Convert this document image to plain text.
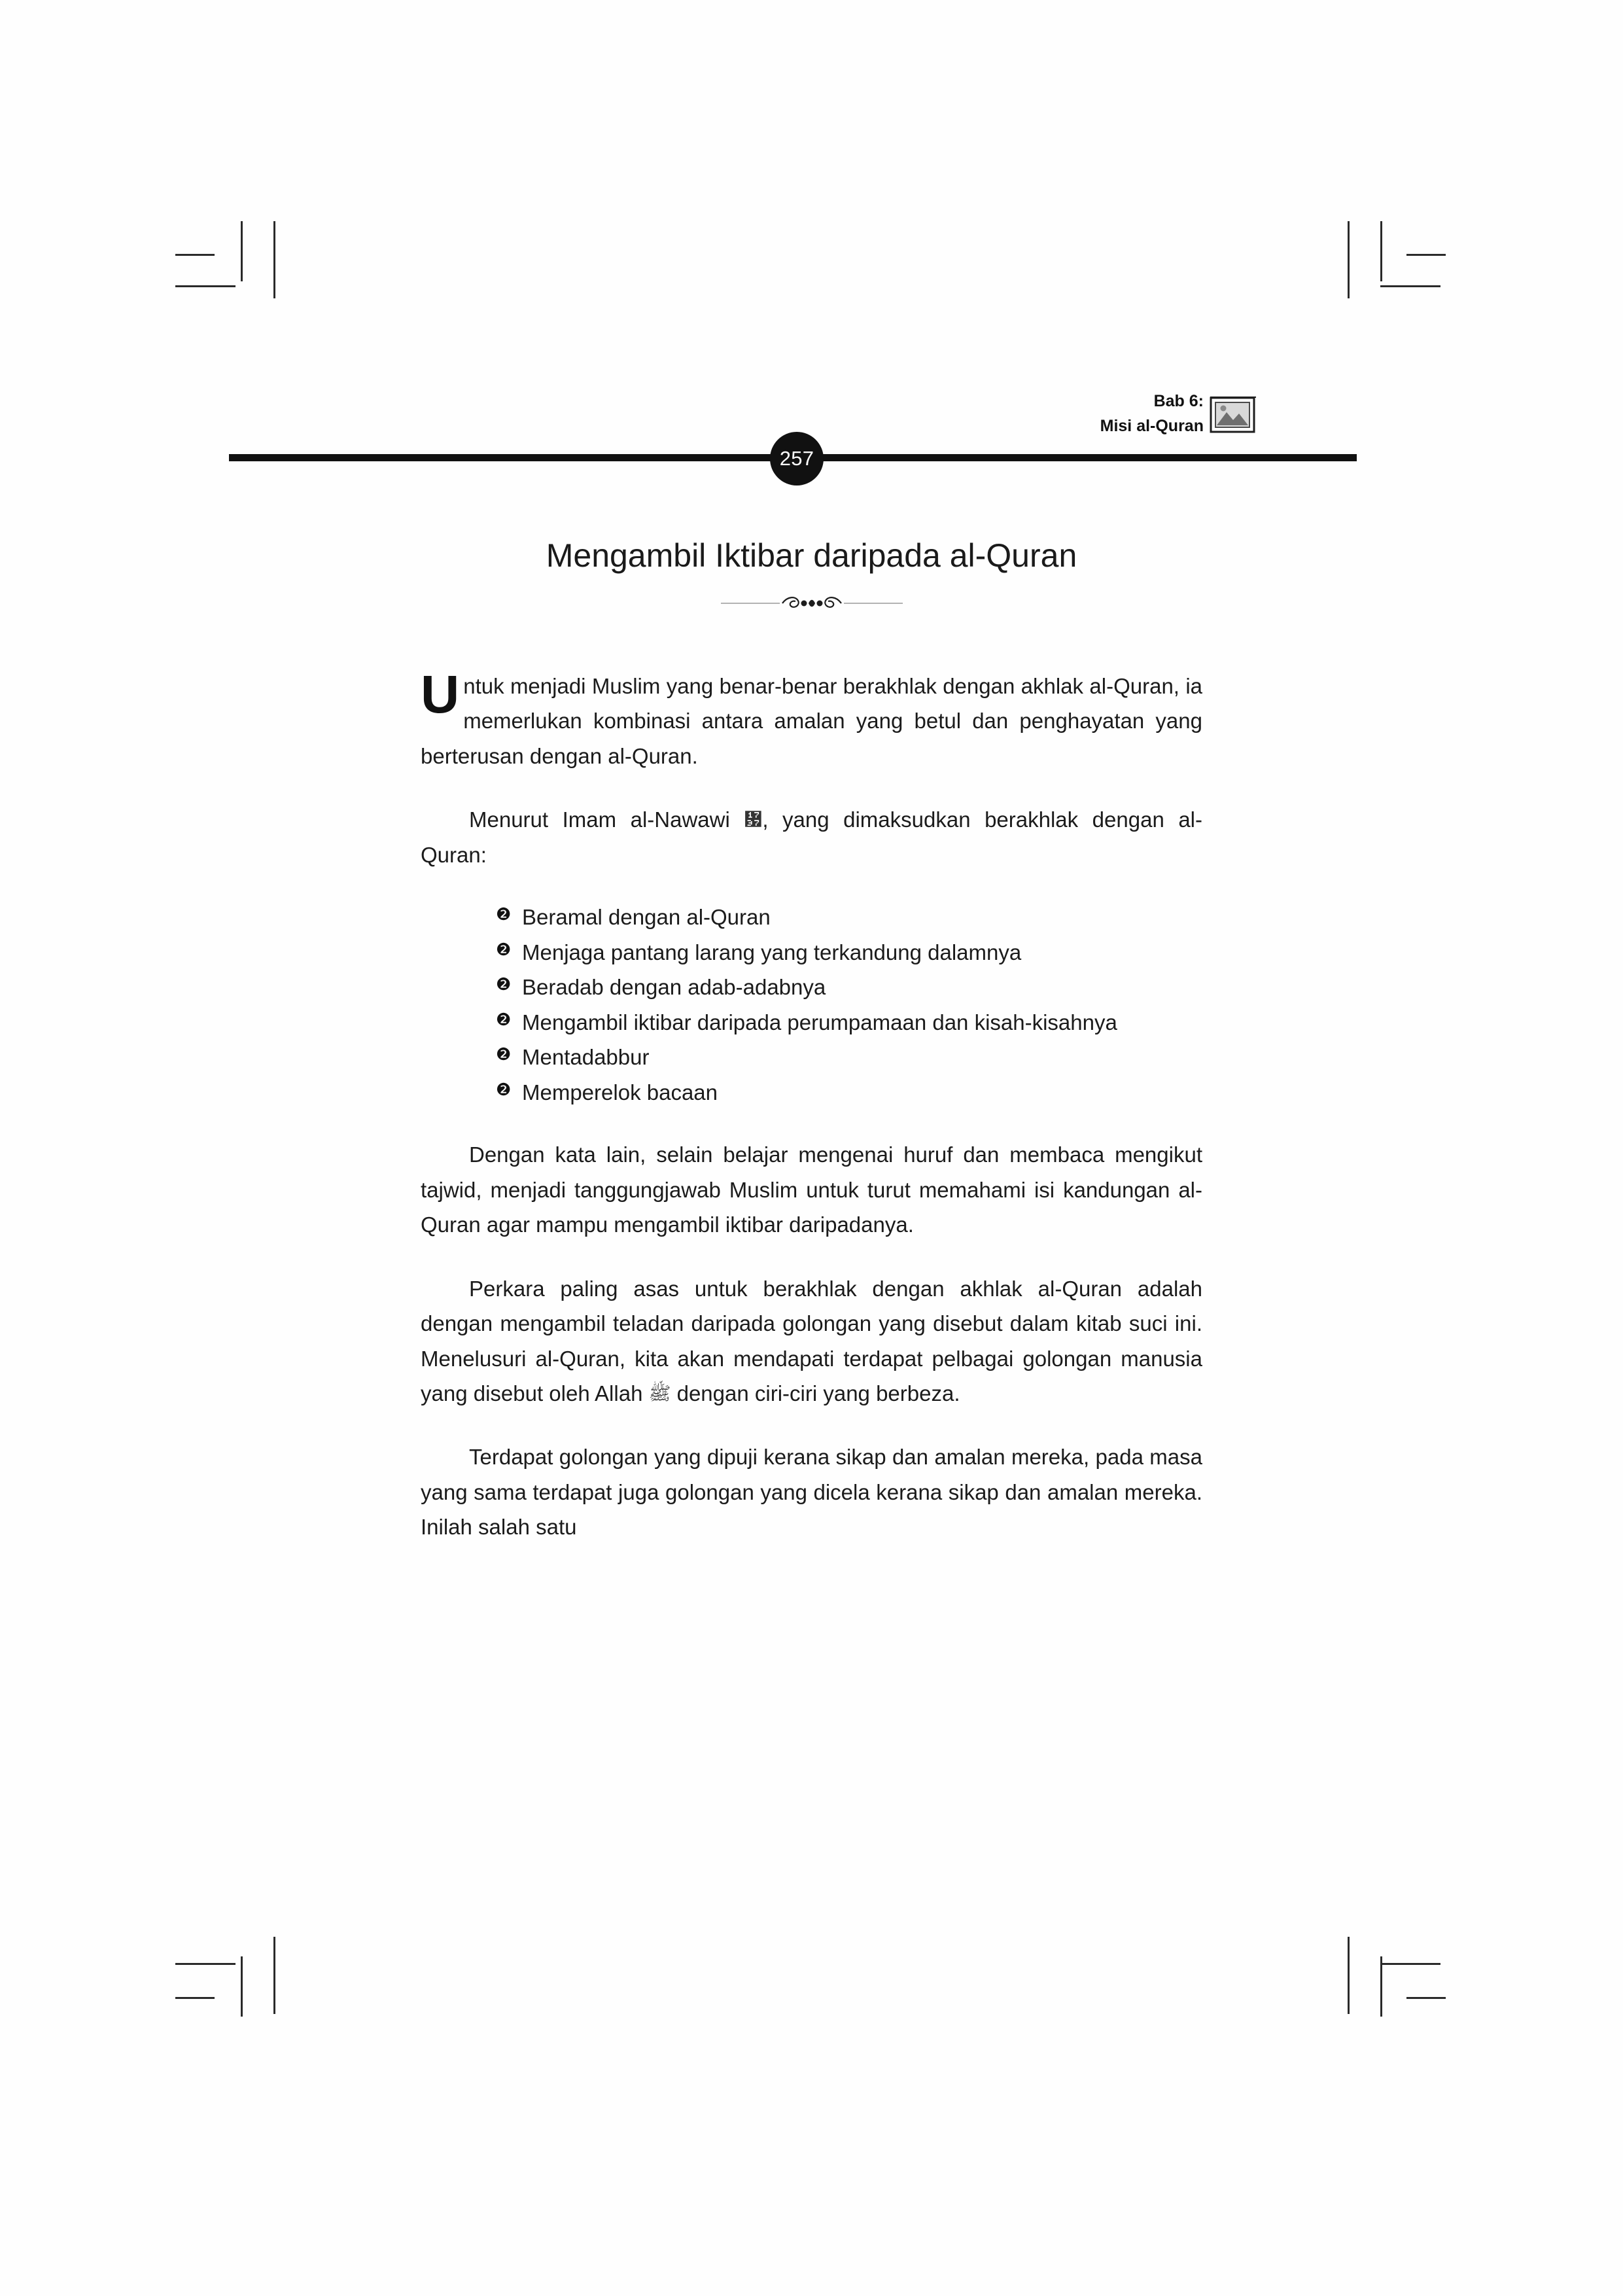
Bab 6:
Misi al-Quran
257
Mengambil Iktibar daripada al-Quran

Untuk menjadi Muslim yang benar-benar berakhlak dengan akhlak al-Quran, ia memerlukan kombinasi antara amalan yang betul dan penghayatan yang berterusan dengan al-Quran.

Menurut Imam al-Nawawi ᜷, yang dimaksudkan berakhlak dengan al-Quran:

❷ Beramal dengan al-Quran
❷ Menjaga pantang larang yang terkandung dalamnya
❷ Beradab dengan adab-adabnya
❷ Mengambil iktibar daripada perumpamaan dan kisah-kisahnya
❷ Mentadabbur
❷ Memperelok bacaan

Dengan kata lain, selain belajar mengenai huruf dan membaca mengikut tajwid, menjadi tanggungjawab Muslim untuk turut memahami isi kandungan al-Quran agar mampu mengambil iktibar daripadanya.

Perkara paling asas untuk berakhlak dengan akhlak al-Quran adalah dengan mengambil teladan daripada golongan yang disebut dalam kitab suci ini. Menelusuri al-Quran, kita akan mendapati terdapat pelbagai golongan manusia yang disebut oleh Allah ﷺ dengan ciri-ciri yang berbeza.

Terdapat golongan yang dipuji kerana sikap dan amalan mereka, pada masa yang sama terdapat juga golongan yang dicela kerana sikap dan amalan mereka. Inilah salah satu
